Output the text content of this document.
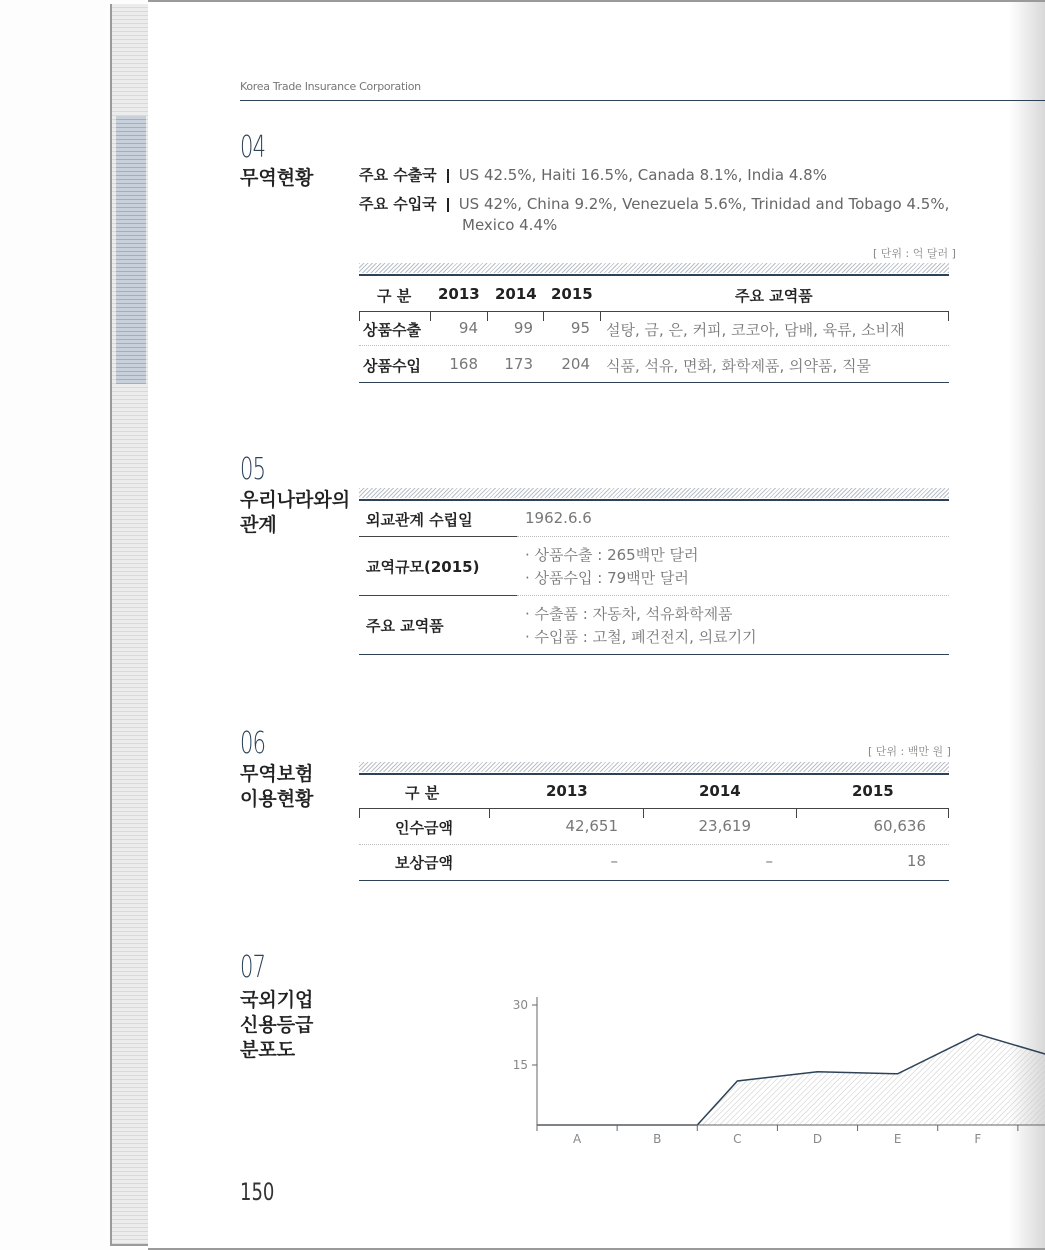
Korea Trade Insurance Corporation
04
무역현황	주요 수출국 US 42.5%, Haiti 16.5%, Canada 8.1%, India 4.8%
주요 수입국 US 42%, China 9.2%, Venezuela 5.6%, Trinidad and Tobago 4.5%,
Mexico 4.4%
[ 단위 : 억 달러 ]
구 분 2013 2014 2015	주요 교역품
상품수출	94	99	95 설탕, 금, 은, 커피, 코코아, 담배, 육류, 소비재
상품수입	168	173	204 식품, 석유, 면화, 화학제품, 의약품, 직물
05
우리나라와의
관계	외교관계 수립일	1962.6.6
교역규모(2015)
· 상품수출 : 265백만 달러
· 상품수입 : 79백만 달러
주요 교역품
· 수출품 : 자동차, 석유화학제품
· 수입품 : 고철, 폐건전지, 의료기기
06
무역보험
이용현황
[ 단위 : 백만 원 ]
구 분	2013	2014	2015
인수금액	42,651	23,619	60,636
보상금액	–	–	18
07
국외기업
신용등급
분포도
A	B	C	D	E	F
30
15
150
